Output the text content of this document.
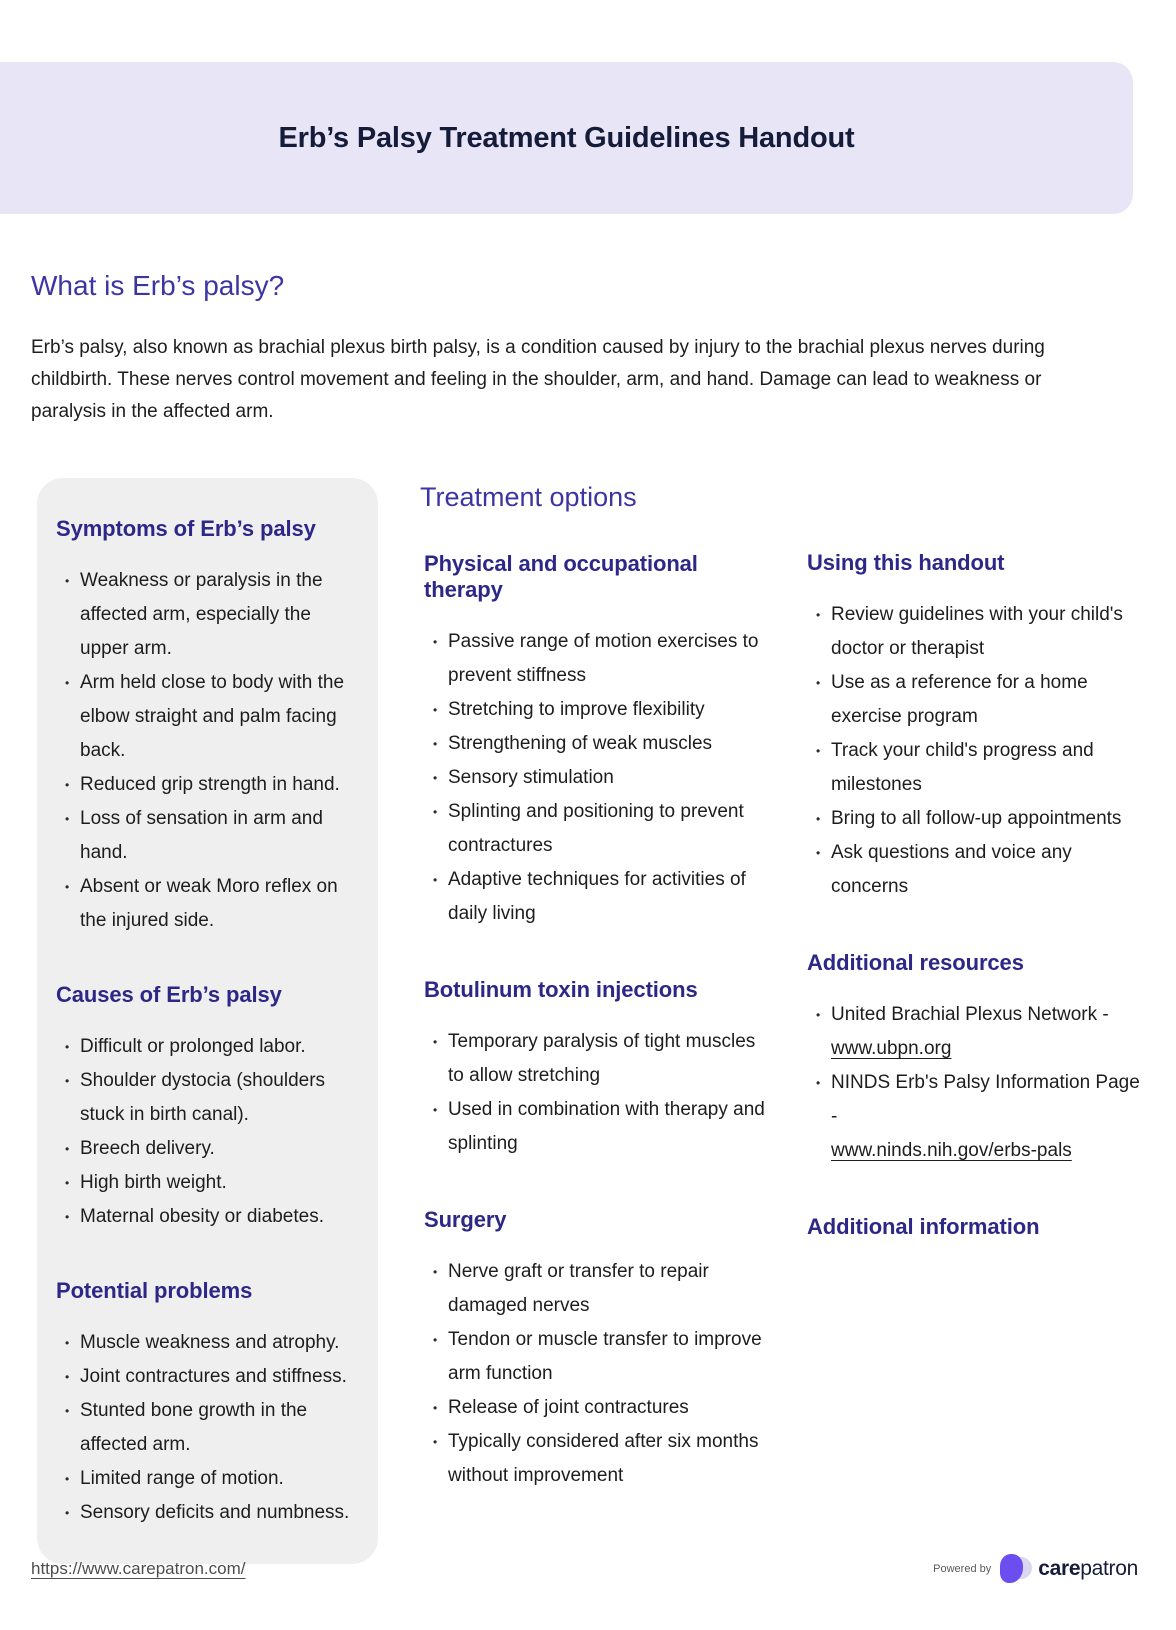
Erb’s Palsy Treatment Guidelines Handout
What is Erb’s palsy?

Erb’s palsy, also known as brachial plexus birth palsy, is a condition caused by injury to the brachial plexus nerves during childbirth. These nerves control movement and feeling in the shoulder, arm, and hand. Damage can lead to weakness or paralysis in the affected arm.

Symptoms of Erb’s palsy
• Weakness or paralysis in the affected arm, especially the upper arm.
• Arm held close to body with the elbow straight and palm facing back.
• Reduced grip strength in hand.
• Loss of sensation in arm and hand.
• Absent or weak Moro reflex on the injured side.
Causes of Erb’s palsy
• Difficult or prolonged labor.
• Shoulder dystocia (shoulders stuck in birth canal).
• Breech delivery.
• High birth weight.
• Maternal obesity or diabetes.
Potential problems
• Muscle weakness and atrophy.
• Joint contractures and stiffness.
• Stunted bone growth in the affected arm.
• Limited range of motion.
• Sensory deficits and numbness.
Treatment options
Physical and occupational therapy
• Passive range of motion exercises to prevent stiffness
• Stretching to improve flexibility
• Strengthening of weak muscles
• Sensory stimulation
• Splinting and positioning to prevent contractures
• Adaptive techniques for activities of daily living
Botulinum toxin injections
• Temporary paralysis of tight muscles to allow stretching
• Used in combination with therapy and splinting
Surgery
• Nerve graft or transfer to repair damaged nerves
• Tendon or muscle transfer to improve arm function
• Release of joint contractures
• Typically considered after six months without improvement
Using this handout
• Review guidelines with your child's doctor or therapist
• Use as a reference for a home exercise program
• Track your child's progress and milestones
• Bring to all follow-up appointments
• Ask questions and voice any concerns
Additional resources
• United Brachial Plexus Network -
www.ubpn.org
• NINDS Erb's Palsy Information Page -
www.ninds.nih.gov/erbs-pals
Additional information
https://www.carepatron.com/	Powered by carepatron
